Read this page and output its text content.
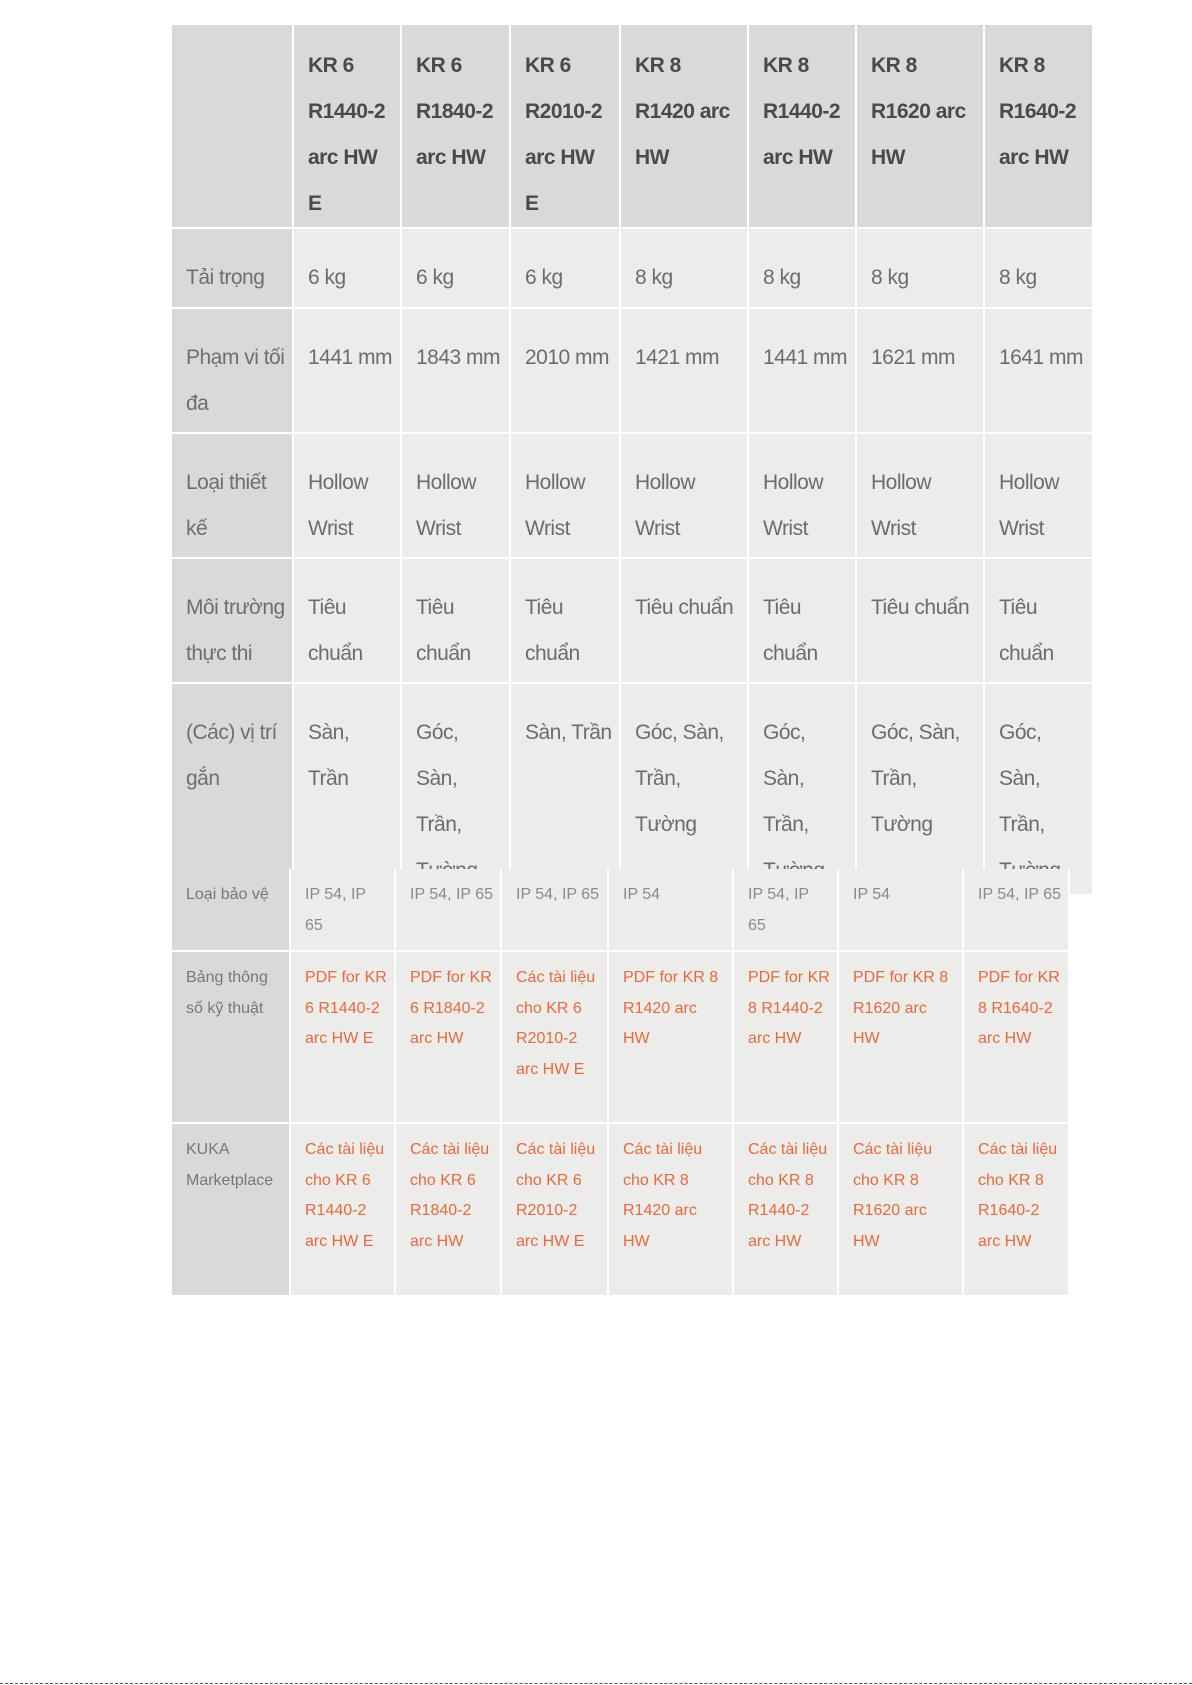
	KR 6 R1440-2 arc HW E	KR 6 R1840-2 arc HW	KR 6 R2010-2 arc HW E	KR 8 R1420 arc HW	KR 8 R1440-2 arc HW	KR 8 R1620 arc HW	KR 8 R1640-2 arc HW
Tải trọng	6 kg	6 kg	6 kg	8 kg	8 kg	8 kg	8 kg
Phạm vi tối đa	1441 mm	1843 mm	2010 mm	1421 mm	1441 mm	1621 mm	1641 mm
Loại thiết kế	Hollow Wrist	Hollow Wrist	Hollow Wrist	Hollow Wrist	Hollow Wrist	Hollow Wrist	Hollow Wrist
Môi trường thực thi	Tiêu chuẩn	Tiêu chuẩn	Tiêu chuẩn	Tiêu chuẩn	Tiêu chuẩn	Tiêu chuẩn	Tiêu chuẩn
(Các) vị trí gắn	Sàn, Trần	Góc, Sàn, Trần,	Sàn, Trần	Góc, Sàn, Trần, Tường	Góc, Sàn, Trần,	Góc, Sàn, Trần, Tường	Góc, Sàn, Trần,
Loại bảo vệ	IP 54, IP 65	IP 54, IP 65	IP 54, IP 65	IP 54	IP 54, IP 65	IP 54	IP 54, IP 65
Bảng thông số kỹ thuật	PDF for KR 6 R1440-2 arc HW E	PDF for KR 6 R1840-2 arc HW	Các tài liệu cho KR 6 R2010-2 arc HW E	PDF for KR 8 R1420 arc HW	PDF for KR 8 R1440-2 arc HW	PDF for KR 8 R1620 arc HW	PDF for KR 8 R1640-2 arc HW
KUKA Marketplace	Các tài liệu cho KR 6 R1440-2 arc HW E	Các tài liệu cho KR 6 R1840-2 arc HW	Các tài liệu cho KR 6 R2010-2 arc HW E	Các tài liệu cho KR 8 R1420 arc HW	Các tài liệu cho KR 8 R1440-2 arc HW	Các tài liệu cho KR 8 R1620 arc HW	Các tài liệu cho KR 8 R1640-2 arc HW
